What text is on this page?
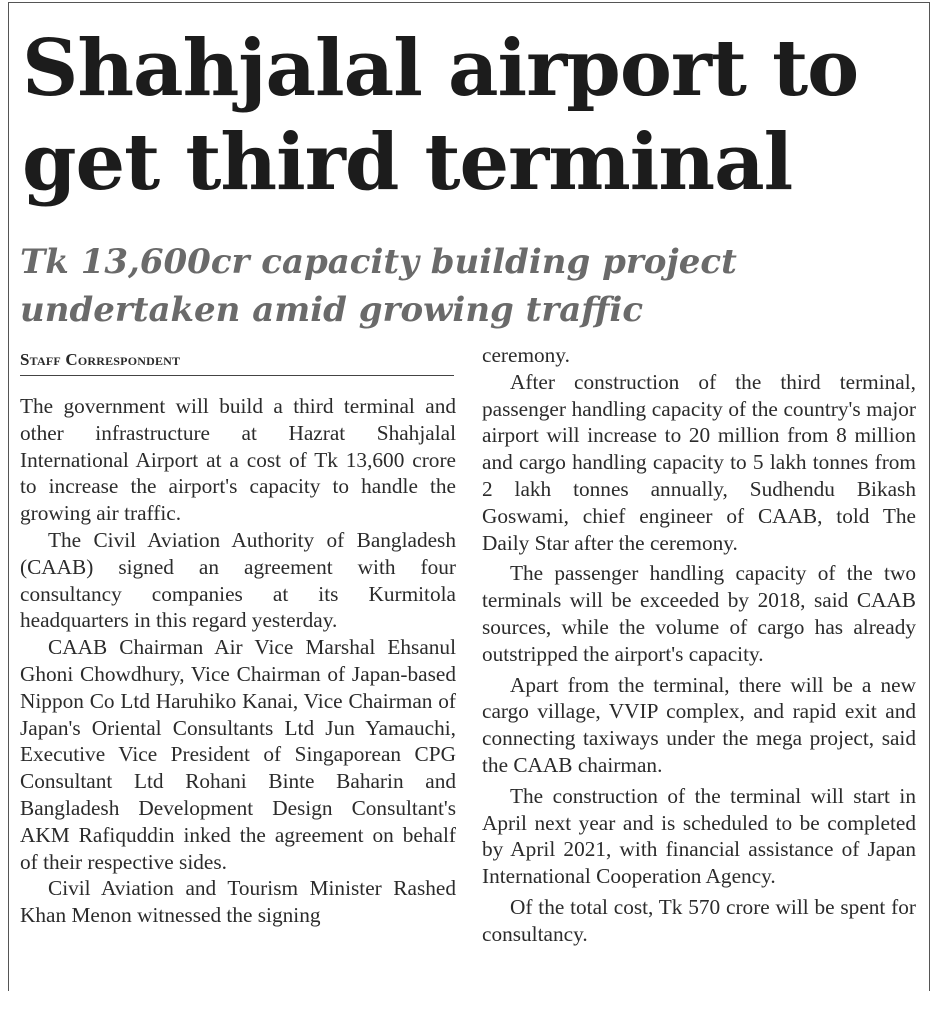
Shahjalal airport to get third terminal
Tk 13,600cr capacity building project undertaken amid growing traffic
Staff Correspondent

The government will build a third terminal and other infrastructure at Hazrat Shahjalal International Airport at a cost of Tk 13,600 crore to increase the airport's capacity to handle the growing air traffic.

The Civil Aviation Authority of Bangladesh (CAAB) signed an agreement with four consultancy companies at its Kurmitola headquarters in this regard yesterday.

CAAB Chairman Air Vice Marshal Ehsanul Ghoni Chowdhury, Vice Chairman of Japan-based Nippon Co Ltd Haruhiko Kanai, Vice Chairman of Japan's Oriental Consultants Ltd Jun Yamauchi, Executive Vice President of Singaporean CPG Consultant Ltd Rohani Binte Baharin and Bangladesh Development Design Consultant's AKM Rafiquddin inked the agreement on behalf of their respective sides.

Civil Aviation and Tourism Minister Rashed Khan Menon witnessed the signing

ceremony.

After construction of the third terminal, passenger handling capacity of the country's major airport will increase to 20 million from 8 million and cargo handling capacity to 5 lakh tonnes from 2 lakh tonnes annually, Sudhendu Bikash Goswami, chief engineer of CAAB, told The Daily Star after the ceremony.

The passenger handling capacity of the two terminals will be exceeded by 2018, said CAAB sources, while the volume of cargo has already outstripped the airport's capacity.

Apart from the terminal, there will be a new cargo village, VVIP complex, and rapid exit and connecting taxiways under the mega project, said the CAAB chairman.

The construction of the terminal will start in April next year and is scheduled to be completed by April 2021, with financial assistance of Japan International Cooperation Agency.

Of the total cost, Tk 570 crore will be spent for consultancy.
